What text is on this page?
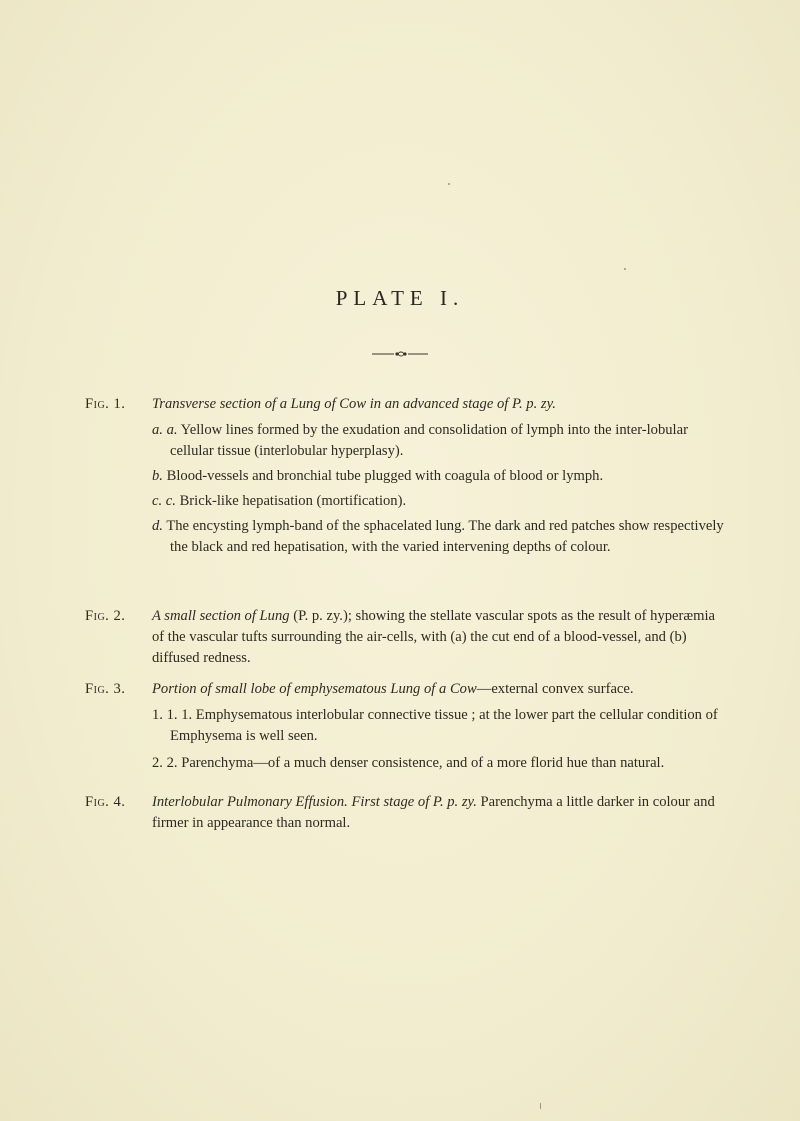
PLATE I.
Fig. 1.	Transverse section of a Lung of Cow in an advanced stage of P. p. zy.
a. a. Yellow lines formed by the exudation and consolidation of lymph into the inter-lobular cellular tissue (interlobular hyperplasy).
b. Blood-vessels and bronchial tube plugged with coagula of blood or lymph.
c. c. Brick-like hepatisation (mortification).
d. The encysting lymph-band of the sphacelated lung. The dark and red patches show respectively the black and red hepatisation, with the varied intervening depths of colour.
Fig. 2.	A small section of Lung (P. p. zy.); showing the stellate vascular spots as the result of hyperæmia of the vascular tufts surrounding the air-cells, with (a) the cut end of a blood-vessel, and (b) diffused redness.
Fig. 3.	Portion of small lobe of emphysematous Lung of a Cow—external convex surface.
1. 1. 1. Emphysematous interlobular connective tissue ; at the lower part the cellular condition of Emphysema is well seen.
2. 2. Parenchyma—of a much denser consistence, and of a more florid hue than natural.
Fig. 4.	Interlobular Pulmonary Effusion. First stage of P. p. zy. Parenchyma a little darker in colour and firmer in appearance than normal.
